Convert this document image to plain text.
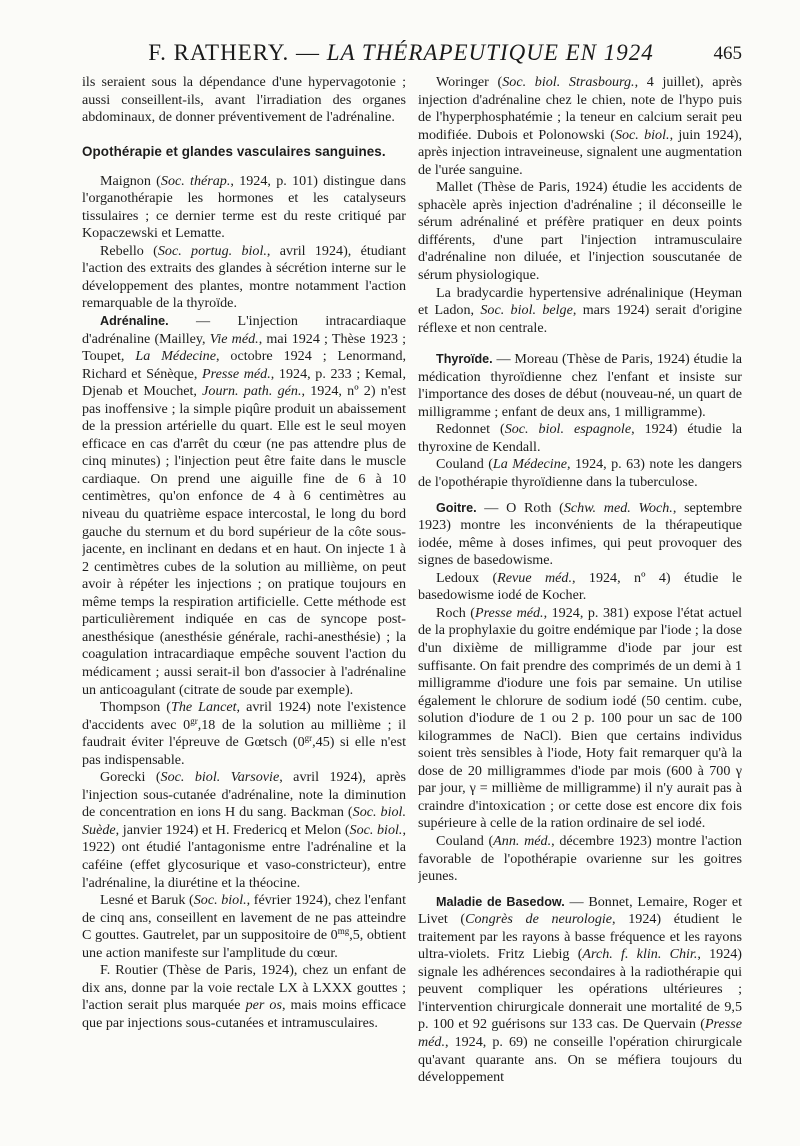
F. RATHERY. — LA THÉRAPEUTIQUE EN 1924	465

ils seraient sous la dépendance d'une hypervagotonie ; aussi conseillent-ils, avant l'irradiation des organes abdominaux, de donner préventivement de l'adrénaline.

Opothérapie et glandes vasculaires sanguines.

Maignon (Soc. thérap., 1924, p. 101) distingue dans l'organothérapie les hormones et les catalyseurs tissulaires ; ce dernier terme est du reste critiqué par Kopaczewski et Lematte.

Rebello (Soc. portug. biol., avril 1924), étudiant l'action des extraits des glandes à sécrétion interne sur le développement des plantes, montre notamment l'action remarquable de la thyroïde.

Adrénaline. — L'injection intracardiaque d'adrénaline (Mailley, Vie méd., mai 1924 ; Thèse 1923 ; Toupet, La Médecine, octobre 1924 ; Lenormand, Richard et Sénèque, Presse méd., 1924, p. 233 ; Kemal, Djenab et Mouchet, Journ. path. gén., 1924, nº 2) n'est pas inoffensive ; la simple piqûre produit un abaissement de la pression artérielle du quart. Elle est le seul moyen efficace en cas d'arrêt du cœur (ne pas attendre plus de cinq minutes) ; l'injection peut être faite dans le muscle cardiaque. On prend une aiguille fine de 6 à 10 centimètres, qu'on enfonce de 4 à 6 centimètres au niveau du quatrième espace intercostal, le long du bord gauche du sternum et du bord supérieur de la côte sous-jacente, en inclinant en dedans et en haut. On injecte 1 à 2 centimètres cubes de la solution au millième, on peut avoir à répéter les injections ; on pratique toujours en même temps la respiration artificielle. Cette méthode est particulièrement indiquée en cas de syncope post-anesthésique (anesthésie générale, rachi-anesthésie) ; la coagulation intracardiaque empêche souvent l'action du médicament ; aussi serait-il bon d'associer à l'adrénaline un anticoagulant (citrate de soude par exemple).

Thompson (The Lancet, avril 1924) note l'existence d'accidents avec $0^{gr},18$ de la solution au millième ; il faudrait éviter l'épreuve de Gœtsch $(0^{gr},45)$ si elle n'est pas indispensable.

Gorecki (Soc. biol. Varsovie, avril 1924), après l'injection sous-cutanée d'adrénaline, note la diminution de concentration en ions H du sang. Backman (Soc. biol. Suède, janvier 1924) et H. Fredericq et Melon (Soc. biol., 1922) ont étudié l'antagonisme entre l'adrénaline et la caféine (effet glycosurique et vaso-constricteur), entre l'adrénaline, la diurétine et la théocine.

Lesné et Baruk (Soc. biol., février 1924), chez l'enfant de cinq ans, conseillent en lavement de ne pas atteindre C gouttes. Gautrelet, par un suppositoire de $0^{mg},5$, obtient une action manifeste sur l'amplitude du cœur.

F. Routier (Thèse de Paris, 1924), chez un enfant de dix ans, donne par la voie rectale LX à LXXX gouttes ; l'action serait plus marquée per os, mais moins efficace que par injections sous-cutanées et intramusculaires.

Woringer (Soc. biol. Strasbourg., 4 juillet), après injection d'adrénaline chez le chien, note de l'hypo puis de l'hyperphosphatémie ; la teneur en calcium serait peu modifiée. Dubois et Polonowski (Soc. biol., juin 1924), après injection intraveineuse, signalent une augmentation de l'urée sanguine.

Mallet (Thèse de Paris, 1924) étudie les accidents de sphacèle après injection d'adrénaline ; il déconseille le sérum adrénaliné et préfère pratiquer en deux points différents, d'une part l'injection intramusculaire d'adrénaline non diluée, et l'injection souscutanée de sérum physiologique.

La bradycardie hypertensive adrénalinique (Heyman et Ladon, Soc. biol. belge, mars 1924) serait d'origine réflexe et non centrale.

Thyroïde. — Moreau (Thèse de Paris, 1924) étudie la médication thyroïdienne chez l'enfant et insiste sur l'importance des doses de début (nouveau-né, un quart de milligramme ; enfant de deux ans, 1 milligramme).

Redonnet (Soc. biol. espagnole, 1924) étudie la thyroxine de Kendall.

Couland (La Médecine, 1924, p. 63) note les dangers de l'opothérapie thyroïdienne dans la tuberculose.

Goitre. — O Roth (Schw. med. Woch., septembre 1923) montre les inconvénients de la thérapeutique iodée, même à doses infimes, qui peut provoquer des signes de basedowisme.

Ledoux (Revue méd., 1924, nº 4) étudie le basedowisme iodé de Kocher.

Roch (Presse méd., 1924, p. 381) expose l'état actuel de la prophylaxie du goitre endémique par l'iode ; la dose d'un dixième de milligramme d'iode par jour est suffisante. On fait prendre des comprimés de un demi à 1 milligramme d'iodure une fois par semaine. Un utilise également le chlorure de sodium iodé (50 centim. cube, solution d'iodure de 1 ou 2 p. 100 pour un sac de 100 kilogrammes de NaCl). Bien que certains individus soient très sensibles à l'iode, Hoty fait remarquer qu'à la dose de 20 milligrammes d'iode par mois (600 à 700 γ par jour, γ = millième de milligramme) il n'y aurait pas à craindre d'intoxication ; or cette dose est encore dix fois supérieure à celle de la ration ordinaire de sel iodé.

Couland (Ann. méd., décembre 1923) montre l'action favorable de l'opothérapie ovarienne sur les goitres jeunes.

Maladie de Basedow. — Bonnet, Lemaire, Roger et Livet (Congrès de neurologie, 1924) étudient le traitement par les rayons à basse fréquence et les rayons ultra-violets. Fritz Liebig (Arch. f. klin. Chir., 1924) signale les adhérences secondaires à la radiothérapie qui peuvent compliquer les opérations ultérieures ; l'intervention chirurgicale donnerait une mortalité de 9,5 p. 100 et 92 guérisons sur 133 cas. De Quervain (Presse méd., 1924, p. 69) ne conseille l'opération chirurgicale qu'avant quarante ans. On se méfiera toujours du développement
